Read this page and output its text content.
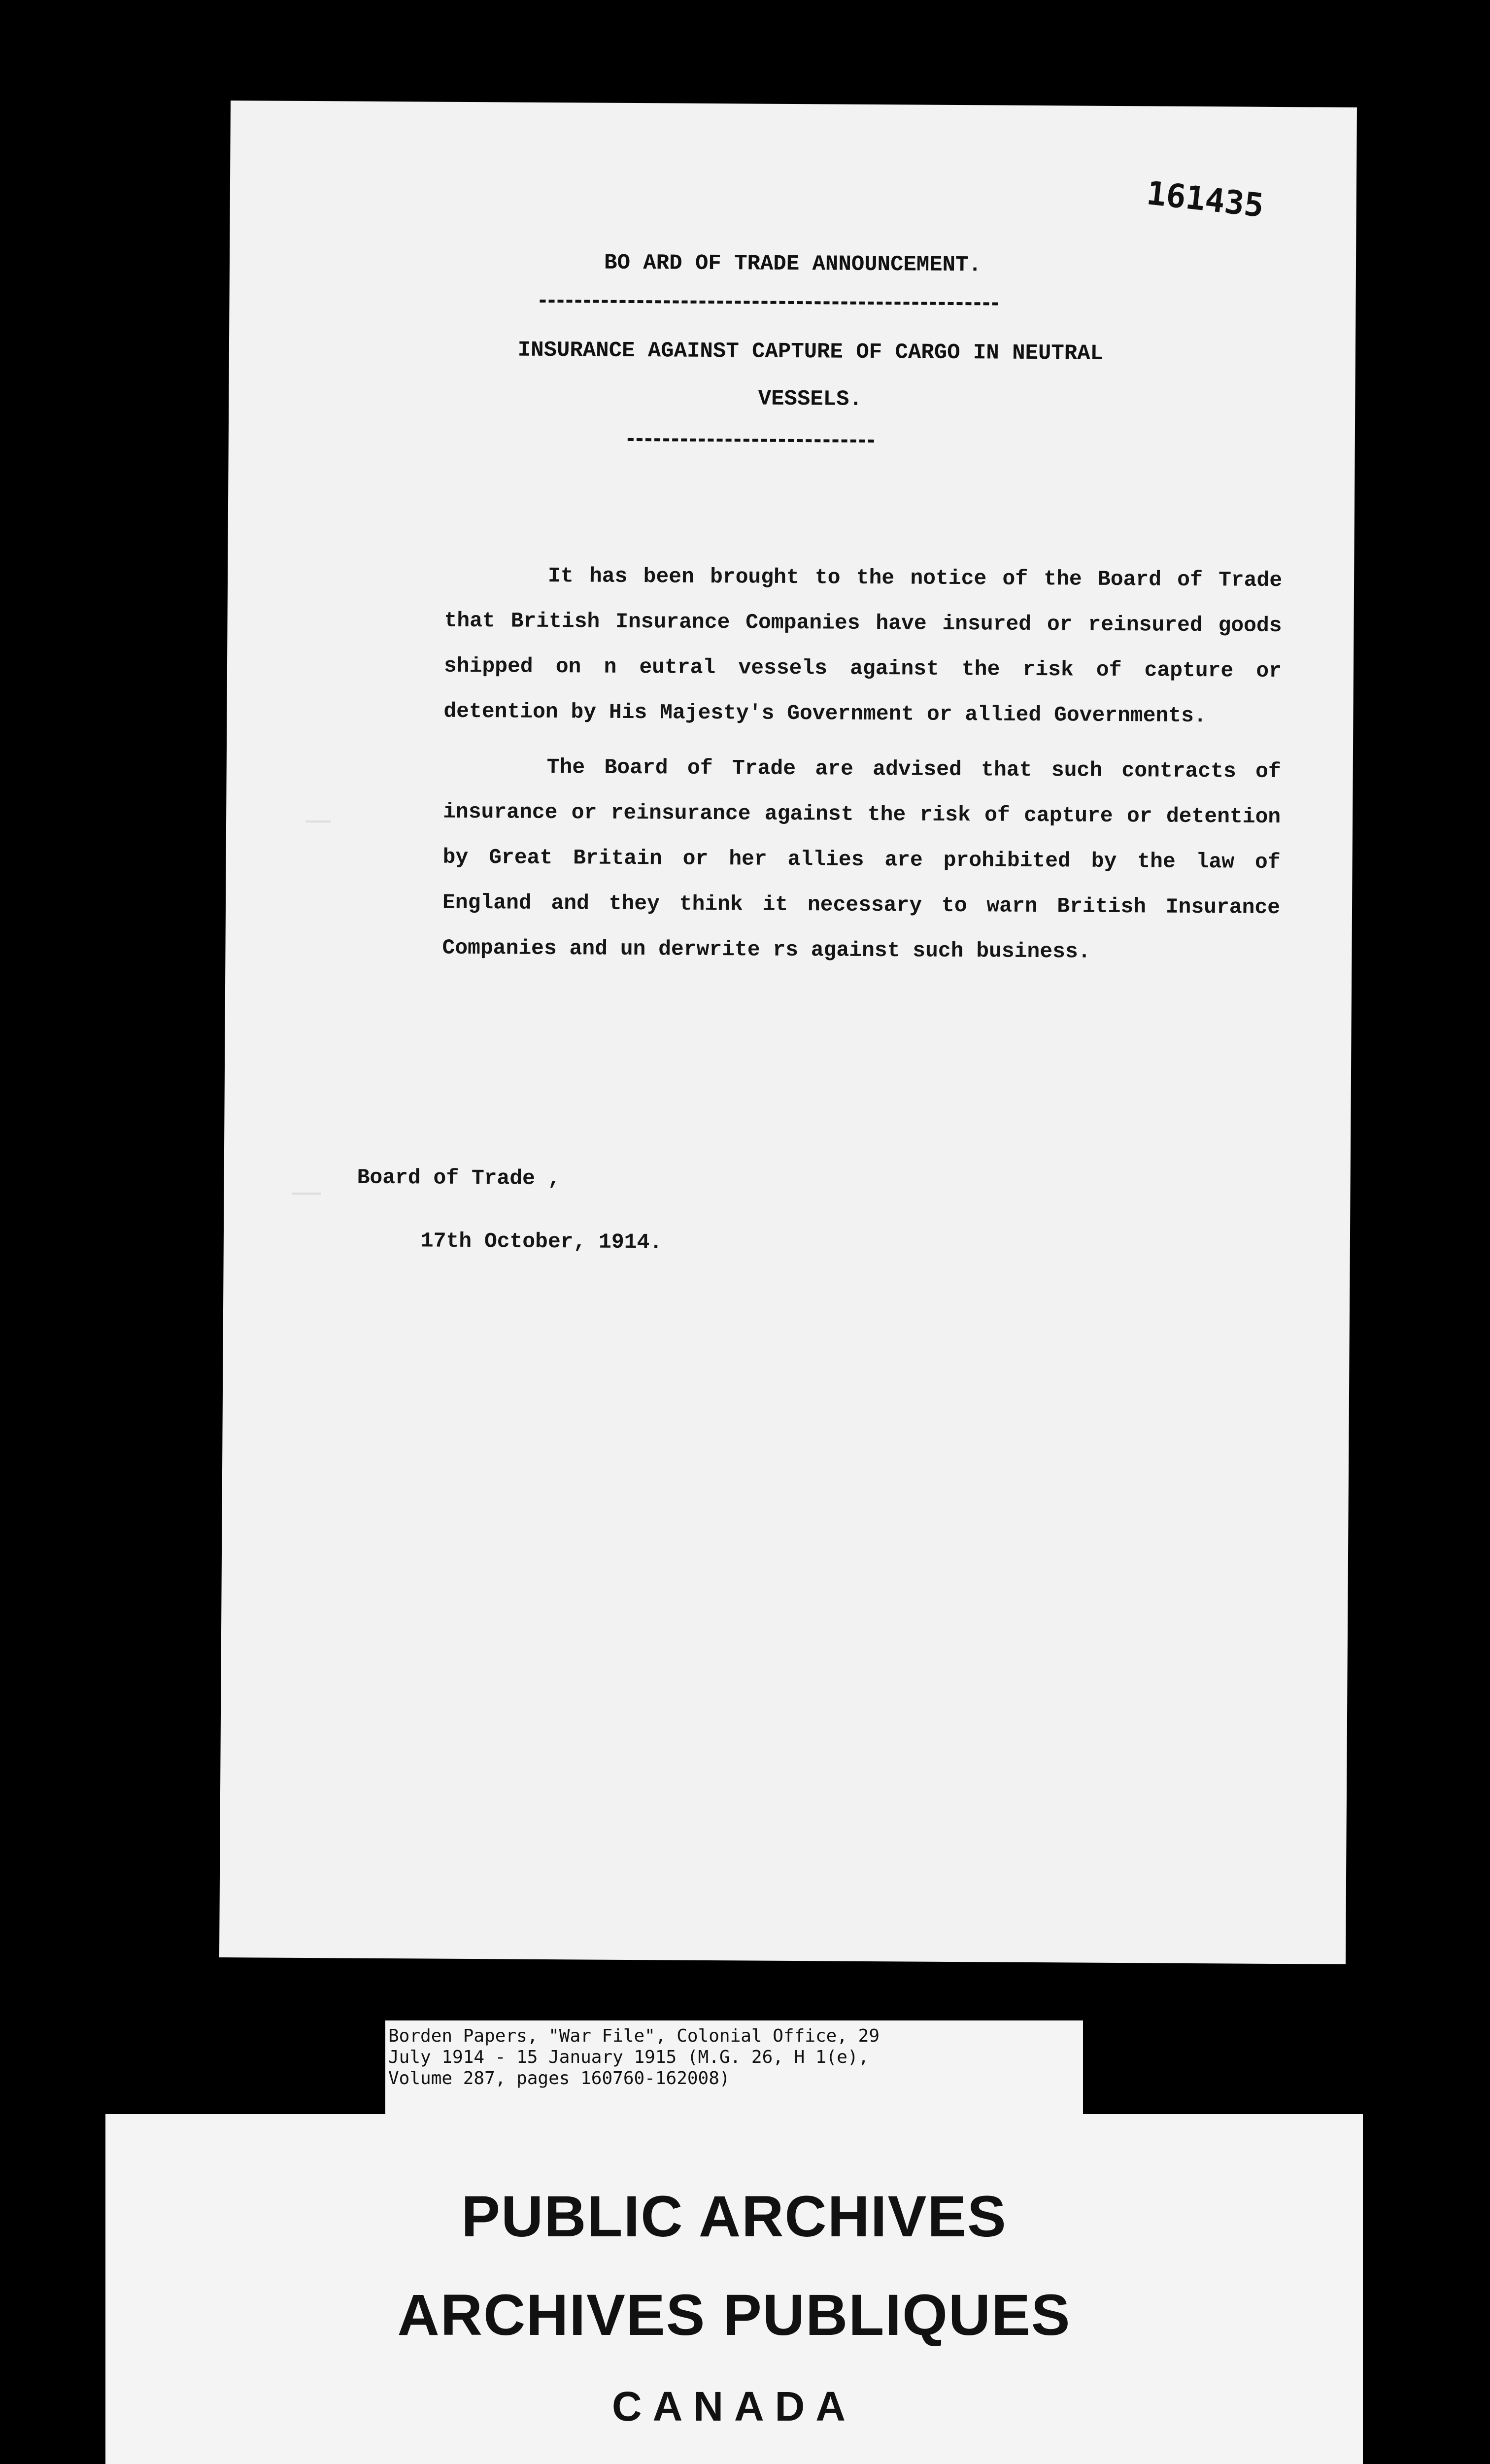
161435
BO ARD OF TRADE ANNOUNCEMENT.
INSURANCE AGAINST CAPTURE OF CARGO IN NEUTRAL
VESSELS.

It has been brought to the notice of the Board of Trade that British Insurance Companies have insured or reinsured goods shipped on n eutral vessels against the risk of capture or detention by His Majesty's Government or allied Governments.

The Board of Trade are advised that such contracts of insurance or reinsurance against the risk of capture or detention by Great Britain or her allies are prohibited by the law of England and they think it necessary to warn British Insurance Companies and un derwrite rs against such business.

Board of Trade ,
17th October, 1914.
Borden Papers, "War File", Colonial Office, 29
July 1914 - 15 January 1915 (M.G. 26, H 1(e),
Volume 287, pages 160760-162008)
PUBLIC ARCHIVES
ARCHIVES PUBLIQUES
CANADA
